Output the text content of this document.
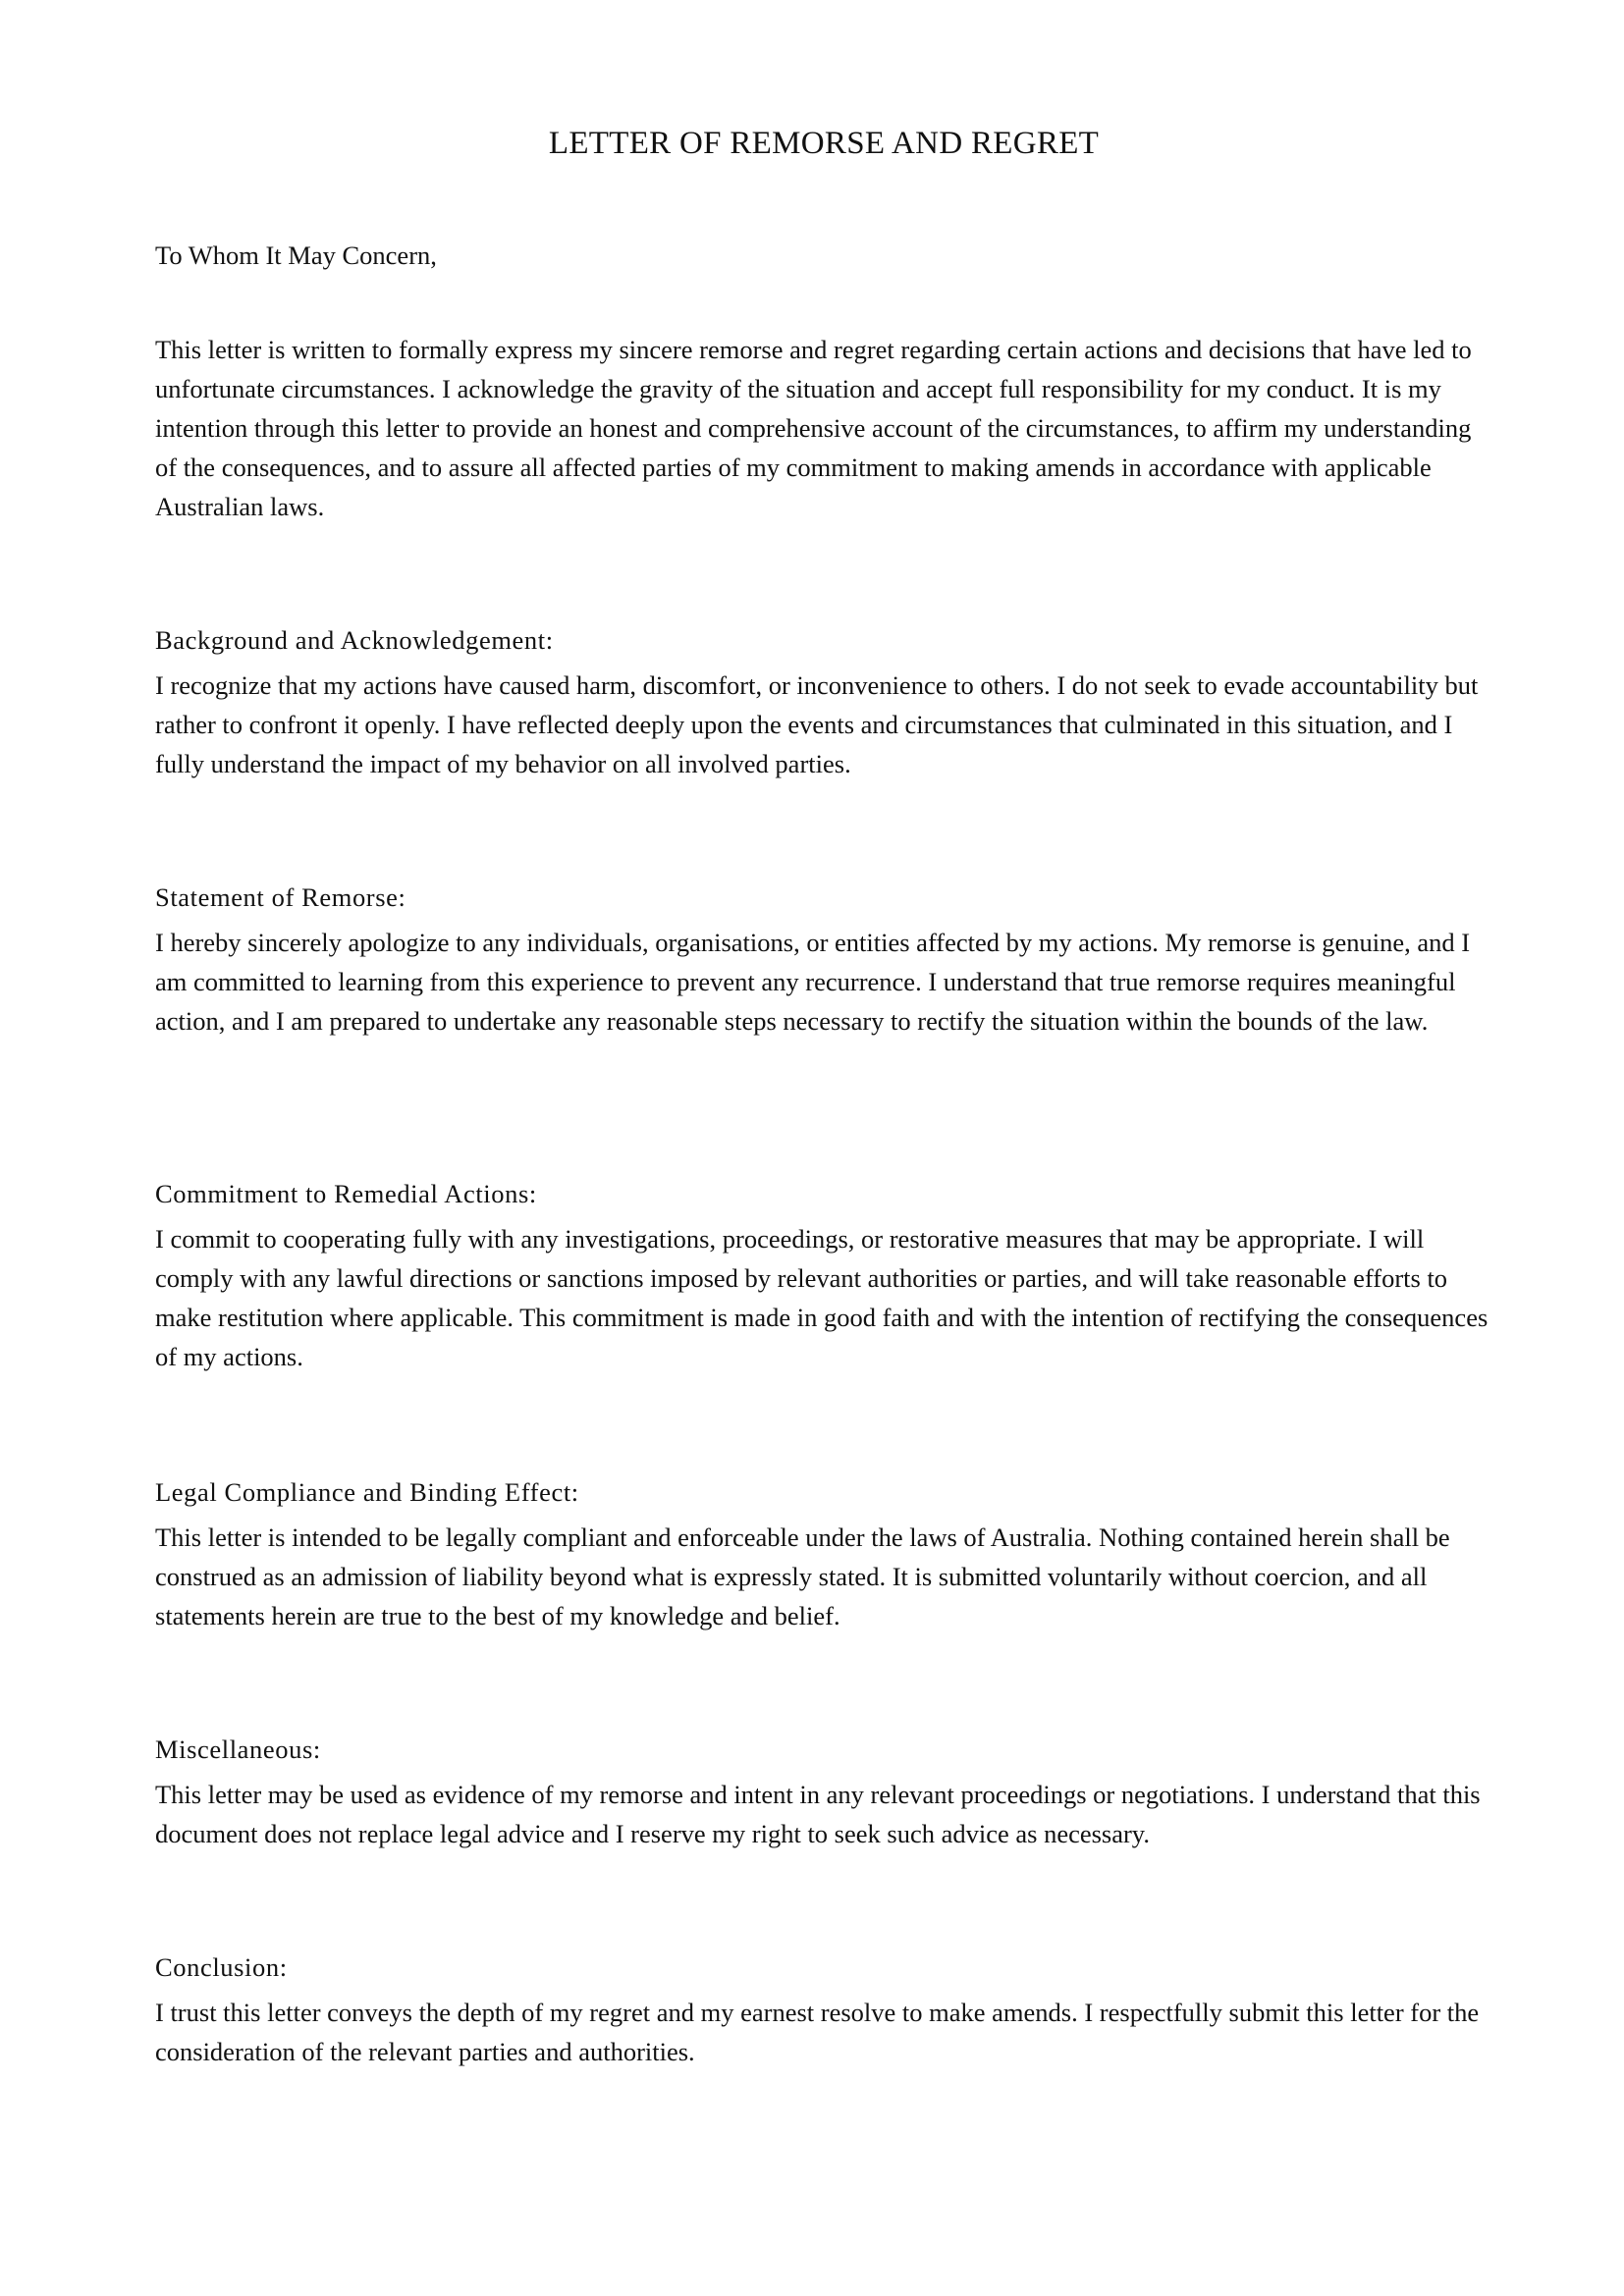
LETTER OF REMORSE AND REGRET

To Whom It May Concern,

This letter is written to formally express my sincere remorse and regret regarding certain actions and decisions that have led to unfortunate circumstances. I acknowledge the gravity of the situation and accept full responsibility for my conduct. It is my intention through this letter to provide an honest and comprehensive account of the circumstances, to affirm my understanding of the consequences, and to assure all affected parties of my commitment to making amends in accordance with applicable Australian laws.

Background and Acknowledgement:

I recognize that my actions have caused harm, discomfort, or inconvenience to others. I do not seek to evade accountability but rather to confront it openly. I have reflected deeply upon the events and circumstances that culminated in this situation, and I fully understand the impact of my behavior on all involved parties.

Statement of Remorse:

I hereby sincerely apologize to any individuals, organisations, or entities affected by my actions. My remorse is genuine, and I am committed to learning from this experience to prevent any recurrence. I understand that true remorse requires meaningful action, and I am prepared to undertake any reasonable steps necessary to rectify the situation within the bounds of the law.

Commitment to Remedial Actions:

I commit to cooperating fully with any investigations, proceedings, or restorative measures that may be appropriate. I will comply with any lawful directions or sanctions imposed by relevant authorities or parties, and will take reasonable efforts to make restitution where applicable. This commitment is made in good faith and with the intention of rectifying the consequences of my actions.

Legal Compliance and Binding Effect:

This letter is intended to be legally compliant and enforceable under the laws of Australia. Nothing contained herein shall be construed as an admission of liability beyond what is expressly stated. It is submitted voluntarily without coercion, and all statements herein are true to the best of my knowledge and belief.

Miscellaneous:

This letter may be used as evidence of my remorse and intent in any relevant proceedings or negotiations. I understand that this document does not replace legal advice and I reserve my right to seek such advice as necessary.

Conclusion:

I trust this letter conveys the depth of my regret and my earnest resolve to make amends. I respectfully submit this letter for the consideration of the relevant parties and authorities.
